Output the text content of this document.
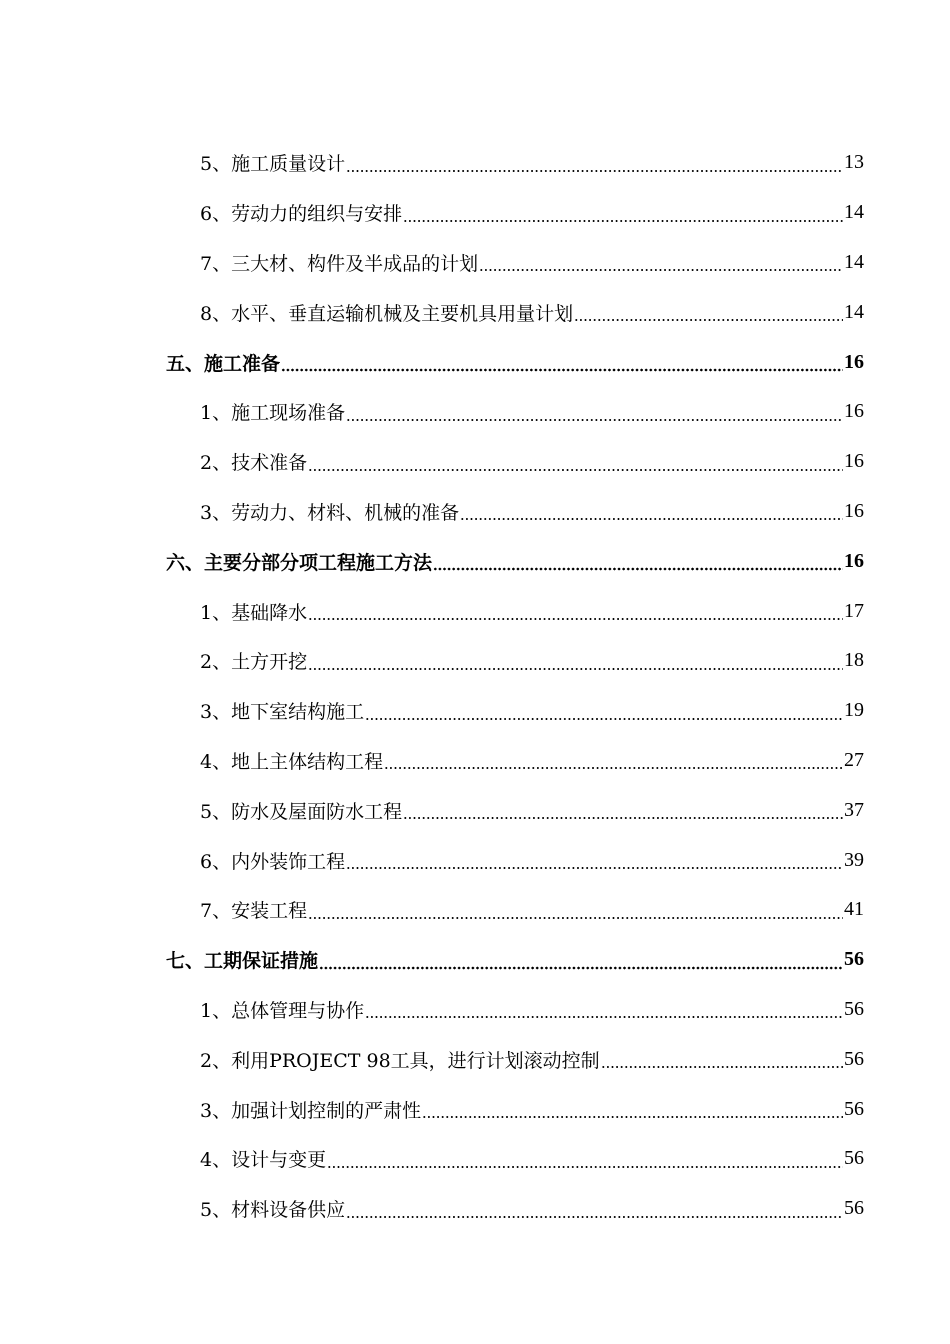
5、施工质量设计	13
6、劳动力的组织与安排	14
7、三大材、构件及半成品的计划	14
8、水平、垂直运输机械及主要机具用量计划	14
五、施工准备	16
1、施工现场准备	16
2、技术准备	16
3、劳动力、材料、机械的准备	16
六、主要分部分项工程施工方法	16
1、基础降水	17
2、土方开挖	18
3、地下室结构施工	19
4、地上主体结构工程	27
5、防水及屋面防水工程	37
6、内外装饰工程	39
7、安装工程	41
七、工期保证措施	56
1、总体管理与协作	56
2、利用PROJECT 98工具，进行计划滚动控制	56
3、加强计划控制的严肃性	56
4、设计与变更	56
5、材料设备供应	56
